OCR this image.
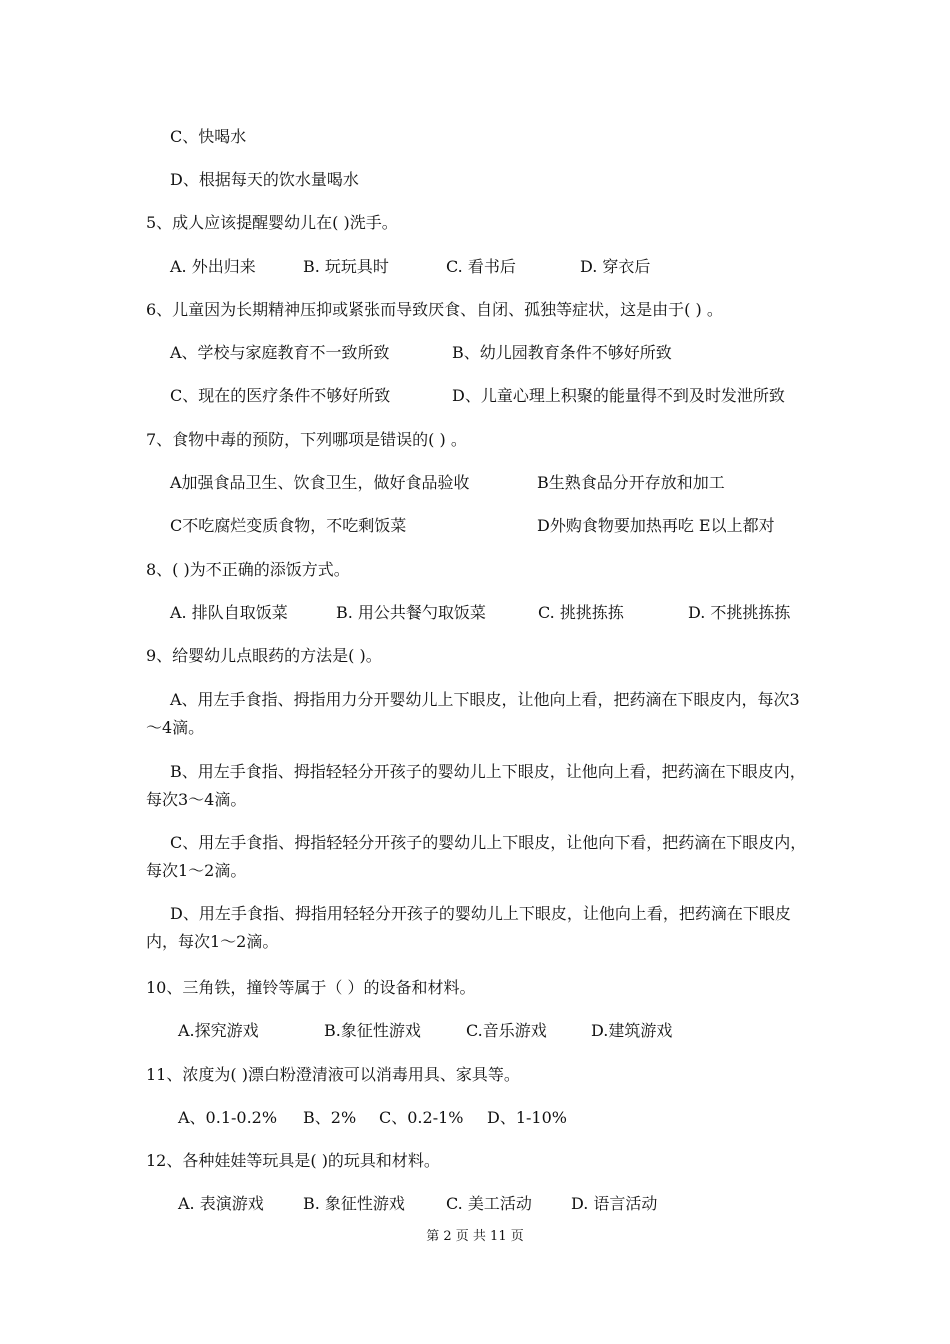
C、快喝水
D、根据每天的饮水量喝水
5、成人应该提醒婴幼儿在( )洗手。
A. 外出归来	B. 玩玩具时	C. 看书后	D. 穿衣后
6、儿童因为长期精神压抑或紧张而导致厌食、自闭、孤独等症状，这是由于( ) 。
A、学校与家庭教育不一致所致	B、幼儿园教育条件不够好所致
C、现在的医疗条件不够好所致	D、儿童心理上积聚的能量得不到及时发泄所致
7、食物中毒的预防，下列哪项是错误的( ) 。
A加强食品卫生、饮食卫生，做好食品验收	B生熟食品分开存放和加工
C不吃腐烂变质食物，不吃剩饭菜	D外购食物要加热再吃 E以上都对
8、( )为不正确的添饭方式。
A. 排队自取饭菜	B. 用公共餐勺取饭菜	C. 挑挑拣拣	D. 不挑挑拣拣
9、给婴幼儿点眼药的方法是( )。
A、用左手食指、拇指用力分开婴幼儿上下眼皮，让他向上看，把药滴在下眼皮内，每次3～4滴。
B、用左手食指、拇指轻轻分开孩子的婴幼儿上下眼皮，让他向上看，把药滴在下眼皮内，每次3～4滴。
C、用左手食指、拇指轻轻分开孩子的婴幼儿上下眼皮，让他向下看，把药滴在下眼皮内，每次1～2滴。
D、用左手食指、拇指用轻轻分开孩子的婴幼儿上下眼皮，让他向上看，把药滴在下眼皮内，每次1～2滴。
10、三角铁，撞铃等属于（ ）的设备和材料。
A.探究游戏	B.象征性游戏	C.音乐游戏	D.建筑游戏
11、浓度为( )漂白粉澄清液可以消毒用具、家具等。
A、0.1-0.2% B、2% C、0.2-1% D、1-10%
12、各种娃娃等玩具是( )的玩具和材料。
A. 表演游戏 B. 象征性游戏	C. 美工活动 D. 语言活动
第 2 页 共 11 页
